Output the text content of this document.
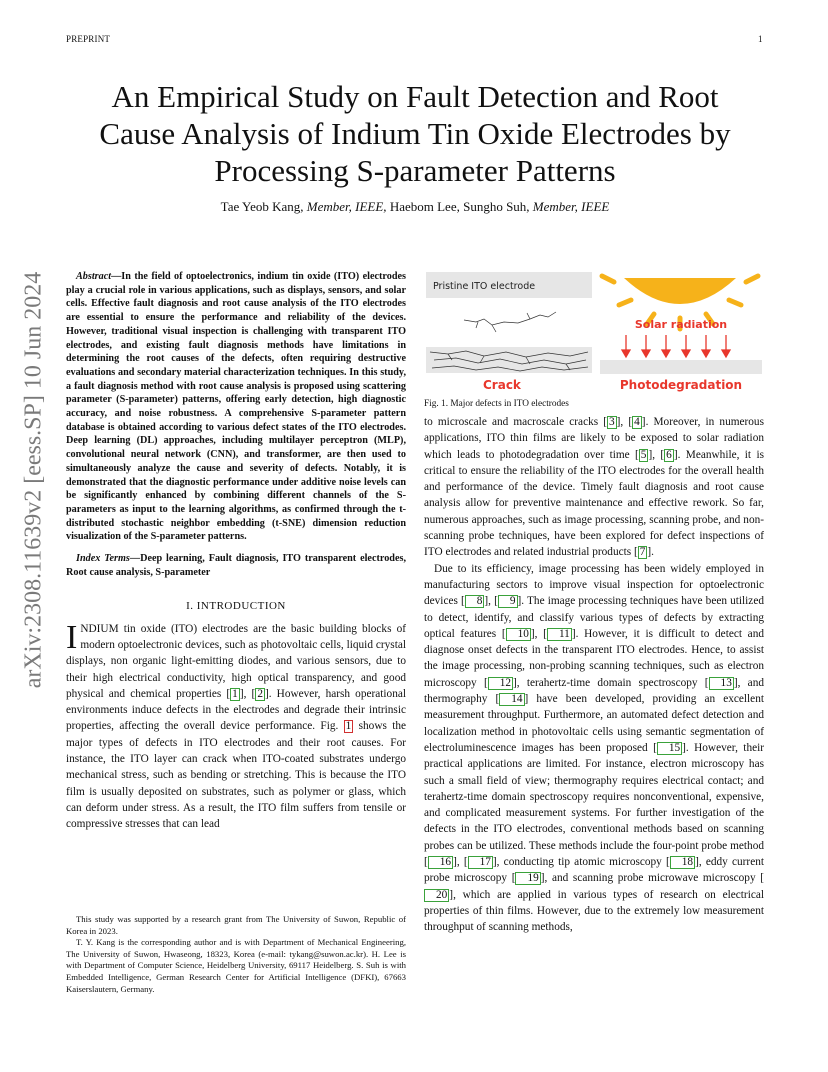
PREPRINT	1
arXiv:2308.11639v2 [eess.SP] 10 Jun 2024
An Empirical Study on Fault Detection and Root Cause Analysis of Indium Tin Oxide Electrodes by Processing S-parameter Patterns
Tae Yeob Kang, Member, IEEE, Haebom Lee, Sungho Suh, Member, IEEE

Abstract—In the field of optoelectronics, indium tin oxide (ITO) electrodes play a crucial role in various applications, such as displays, sensors, and solar cells. Effective fault diagnosis and root cause analysis of the ITO electrodes are essential to ensure the performance and reliability of the devices. However, traditional visual inspection is challenging with transparent ITO electrodes, and existing fault diagnosis methods have limitations in determining the root causes of the defects, often requiring destructive evaluations and secondary material characterization techniques. In this study, a fault diagnosis method with root cause analysis is proposed using scattering parameter (S-parameter) patterns, offering early detection, high diagnostic accuracy, and noise robustness. A comprehensive S-parameter pattern database is obtained according to various defect states of the ITO electrodes. Deep learning (DL) approaches, including multilayer perceptron (MLP), convolutional neural network (CNN), and transformer, are then used to simultaneously analyze the cause and severity of defects. Notably, it is demonstrated that the diagnostic performance under additive noise levels can be significantly enhanced by combining different channels of the S-parameters as input to the learning algorithms, as confirmed through the t-distributed stochastic neighbor embedding (t-SNE) dimension reduction visualization of the S-parameter patterns.

Index Terms—Deep learning, Fault diagnosis, ITO transparent electrodes, Root cause analysis, S-parameter

I. INTRODUCTION

INDIUM tin oxide (ITO) electrodes are the basic building blocks of modern optoelectronic devices, such as photovoltaic cells, liquid crystal displays, non organic light-emitting diodes, and various sensors, due to their high electrical conductivity, high optical transparency, and good physical and chemical properties [ 1 ], [ 2 ]. However, harsh operational environments induce defects in the electrodes and degrade their intrinsic properties, affecting the overall device performance. Fig. 1 shows the major types of defects in ITO electrodes and their root causes. For instance, the ITO layer can crack when ITO-coated substrates undergo mechanical stress, such as bending or stretching. This is because the ITO film is usually deposited on substrates, such as polymer or glass, which can deform under stress. As a result, the ITO film suffers from tensile or compressive stresses that can lead

This study was supported by a research grant from The University of Suwon, Republic of Korea in 2023.

T. Y. Kang is the corresponding author and is with Department of Mechanical Engineering, The University of Suwon, Hwaseong, 18323, Korea (e-mail: tykang@suwon.ac.kr). H. Lee is with Department of Computer Science, Heidelberg University, 69117 Heidelberg. S. Suh is with Embedded Intelligence, German Research Center for Artificial Intelligence (DFKI), 67663 Kaiserslautern, Germany.

Pristine ITO electrode
Crack
Solar radiation
Photodegradation
Fig. 1. Major defects in ITO electrodes

to microscale and macroscale cracks [ 3 ], [ 4 ]. Moreover, in numerous applications, ITO thin films are likely to be exposed to solar radiation which leads to photodegradation over time [ 5 ], [ 6 ]. Meanwhile, it is critical to ensure the reliability of the ITO electrodes for the overall health and performance of the device. Timely fault diagnosis and root cause analysis allow for preventive maintenance and effective rework. So far, numerous approaches, such as image processing, scanning probe, and non-scanning probe techniques, have been explored for defect inspections of ITO electrodes and related industrial products [ 7 ].

Due to its efficiency, image processing has been widely employed in manufacturing sectors to improve visual inspection for optoelectronic devices [ 8 ], [ 9 ]. The image processing techniques have been utilized to detect, identify, and classify various types of defects by extracting optical features [ 10 ], [ 11 ]. However, it is difficult to detect and diagnose onset defects in the transparent ITO electrodes. Hence, to assist the image processing, non-probing scanning techniques, such as electron microscopy [ 12 ], terahertz-time domain spectroscopy [ 13 ], and thermography [ 14 ] have been developed, providing an excellent measurement throughput. Furthermore, an automated defect detection and localization method in photovoltaic cells using semantic segmentation of electroluminescence images has been proposed [ 15 ]. However, their practical applications are limited. For instance, electron microscopy has such a small field of view; thermography requires electrical contact; and terahertz-time domain spectroscopy requires nonconventional, expensive, and complicated measurement systems. For further investigation of the defects in the ITO electrodes, conventional methods based on scanning probes can be utilized. These methods include the four-point probe method [ 16 ], [ 17 ], conducting tip atomic microscopy [ 18 ], eddy current probe microscopy [ 19 ], and scanning probe microwave microscopy [20 ], which are applied in various types of research on electrical properties of thin films. However, due to the extremely low measurement throughput of scanning methods,
